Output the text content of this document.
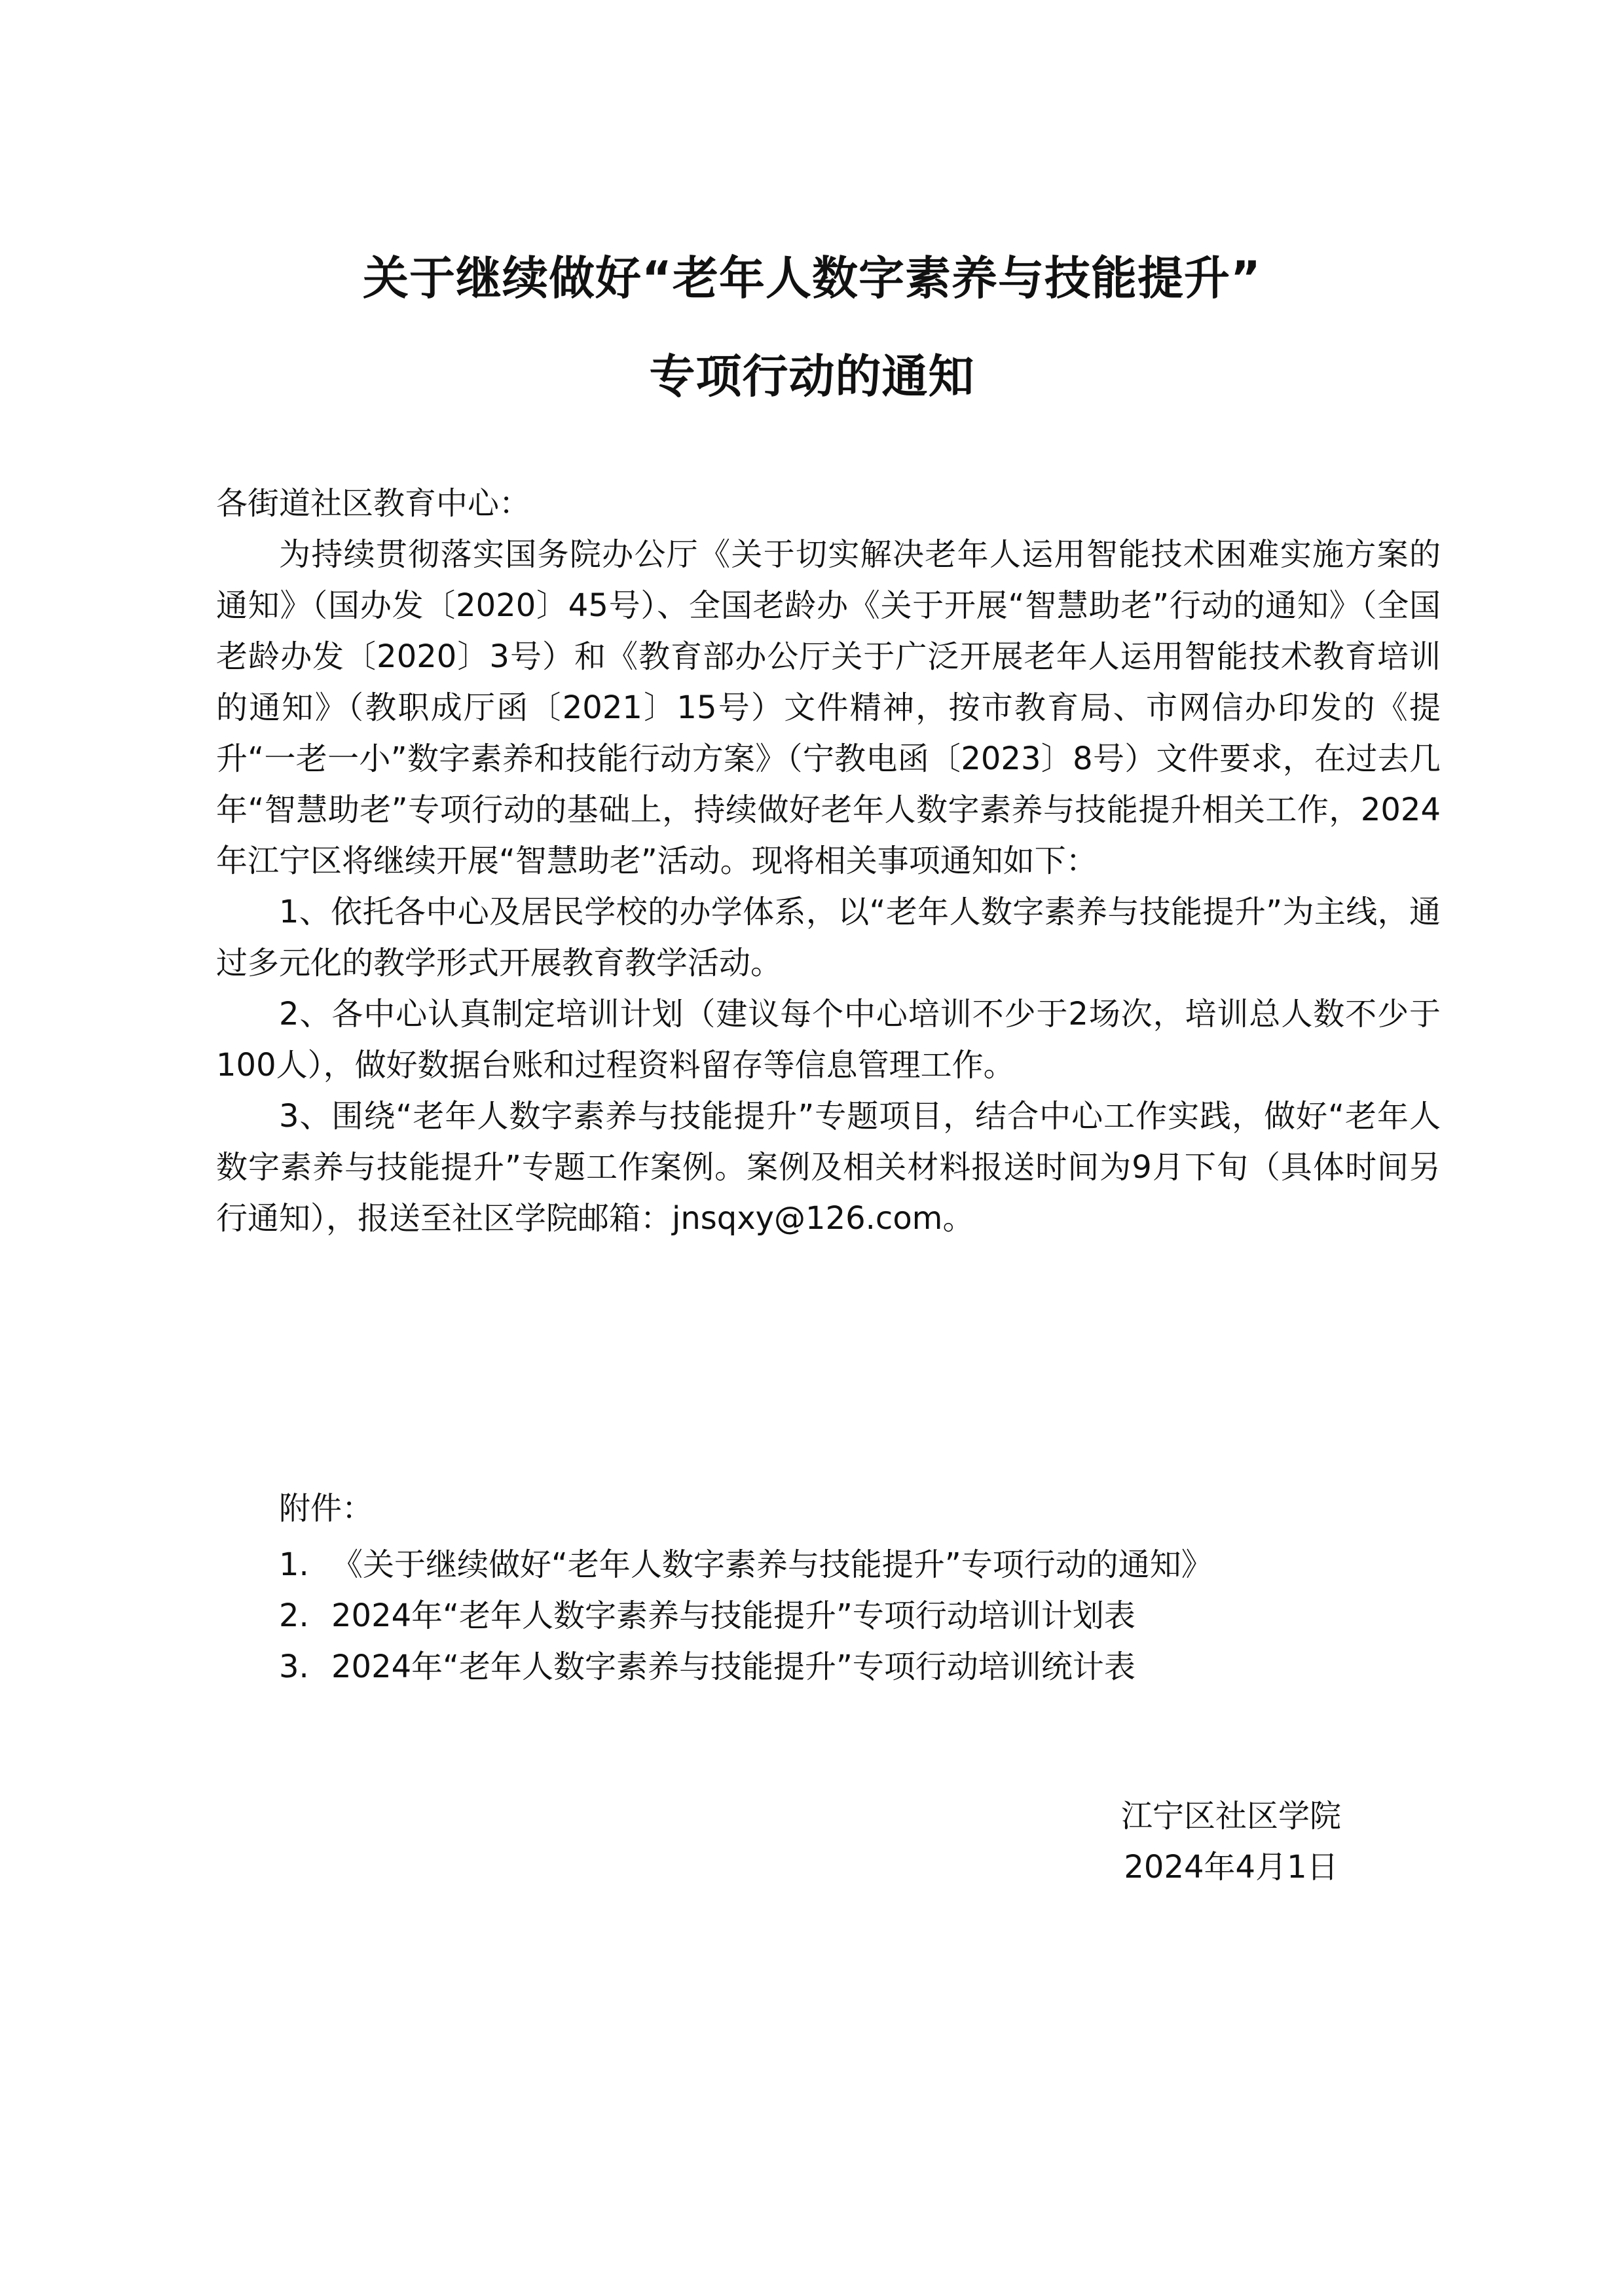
关于继续做好“老年人数字素养与技能提升”
专项行动的通知

各街道社区教育中心：

为持续贯彻落实国务院办公厅《关于切实解决老年人运用智能技术困难实施方案的通知》（国办发〔2020〕45号）、全国老龄办《关于开展“智慧助老”行动的通知》（全国老龄办发〔2020〕3号）和《教育部办公厅关于广泛开展老年人运用智能技术教育培训的通知》（教职成厅函〔2021〕15号）文件精神，按市教育局、市网信办印发的《提升“一老一小”数字素养和技能行动方案》（宁教电函〔2023〕8号）文件要求，在过去几年“智慧助老”专项行动的基础上，持续做好老年人数字素养与技能提升相关工作，2024年江宁区将继续开展“智慧助老”活动。现将相关事项通知如下：

1、依托各中心及居民学校的办学体系，以“老年人数字素养与技能提升”为主线，通过多元化的教学形式开展教育教学活动。

2、各中心认真制定培训计划（建议每个中心培训不少于2场次，培训总人数不少于100人），做好数据台账和过程资料留存等信息管理工作。

3、围绕“老年人数字素养与技能提升”专题项目，结合中心工作实践，做好“老年人数字素养与技能提升”专题工作案例。案例及相关材料报送时间为9月下旬（具体时间另行通知），报送至社区学院邮箱：jnsqxy@126.com。

附件：

1. 《关于继续做好“老年人数字素养与技能提升”专项行动的通知》

2. 2024年“老年人数字素养与技能提升”专项行动培训计划表

3. 2024年“老年人数字素养与技能提升”专项行动培训统计表

江宁区社区学院
2024年4月1日
